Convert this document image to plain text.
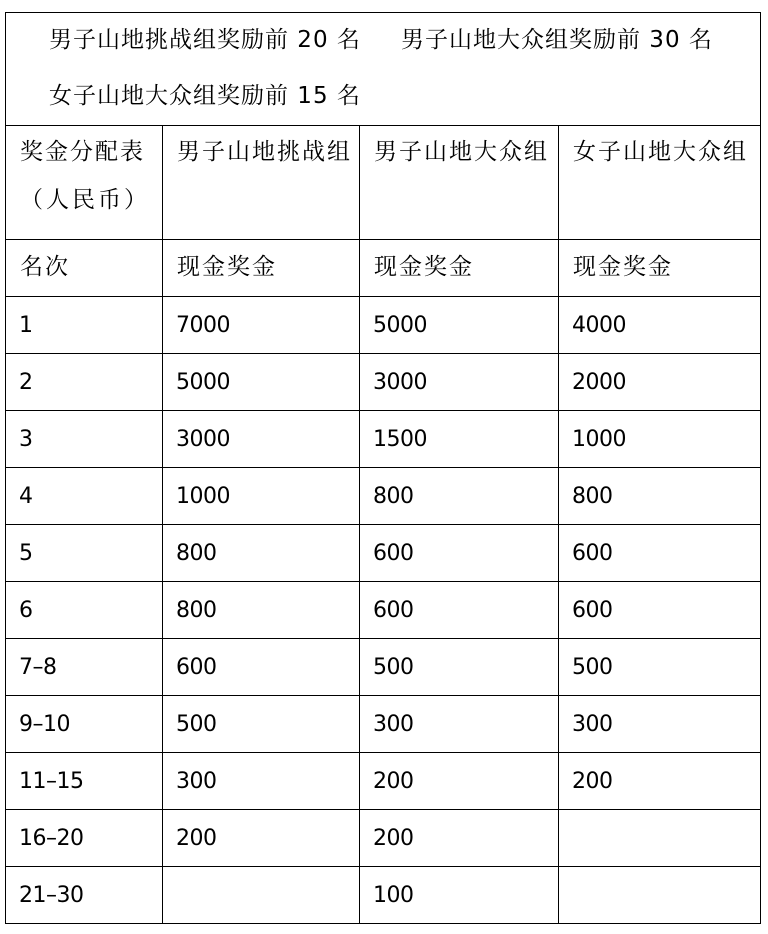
男子山地挑战组奖励前 20 名 男子山地大众组奖励前 30 名
女子山地大众组奖励前 15 名			

奖金分配表
（人民币）	男子山地挑战组	男子山地大众组	女子山地大众组

名次	现金奖金	现金奖金	现金奖金

1	7000	5000	4000

2	5000	3000	2000

3	3000	1500	1000

4	1000	800	800

5	800	600	600

6	800	600	600

7–8	600	500	500

9–10	500	300	300

11–15	300	200	200

16–20	200	200	

21–30		100	
